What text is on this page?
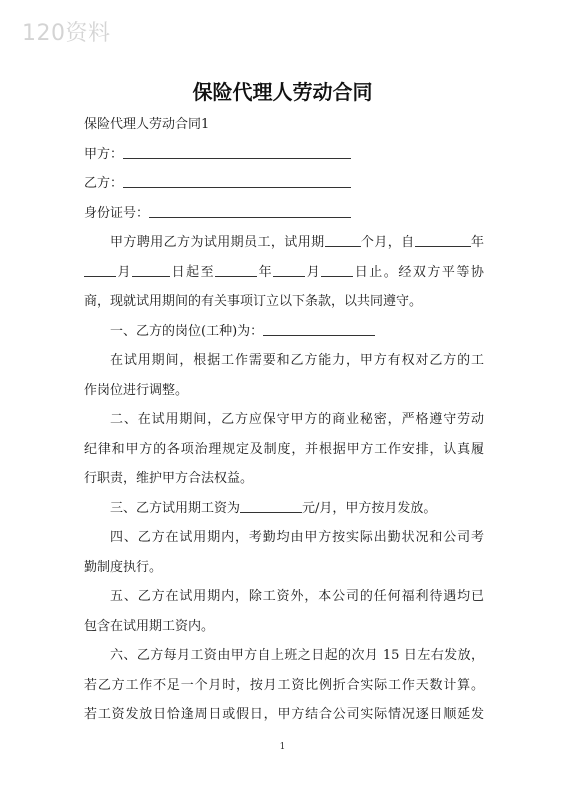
120资料
保险代理人劳动合同
保险代理人劳动合同1
甲方：
乙方：
身份证号：
甲方聘用乙方为试用期员工，试用期	个月，自	年
月	日起至	年 月 日止。经双方平等协
商，现就试用期间的有关事项订立以下条款，以共同遵守。
一、乙方的岗位(工种)为：
在试用期间，根据工作需要和乙方能力，甲方有权对乙方的工
作岗位进行调整。
二、在试用期间，乙方应保守甲方的商业秘密，严格遵守劳动
纪律和甲方的各项治理规定及制度，并根据甲方工作安排，认真履
行职责，维护甲方合法权益。
三、乙方试用期工资为	元/月，甲方按月发放。
四、乙方在试用期内，考勤均由甲方按实际出勤状况和公司考
勤制度执行。
五、乙方在试用期内，除工资外，本公司的任何福利待遇均已
包含在试用期工资内。
六、乙方每月工资由甲方自上班之日起的次月 15 日左右发放，
若乙方工作不足一个月时，按月工资比例折合实际工作天数计算。
若工资发放日恰逢周日或假日，甲方结合公司实际情况逐日顺延发
1
